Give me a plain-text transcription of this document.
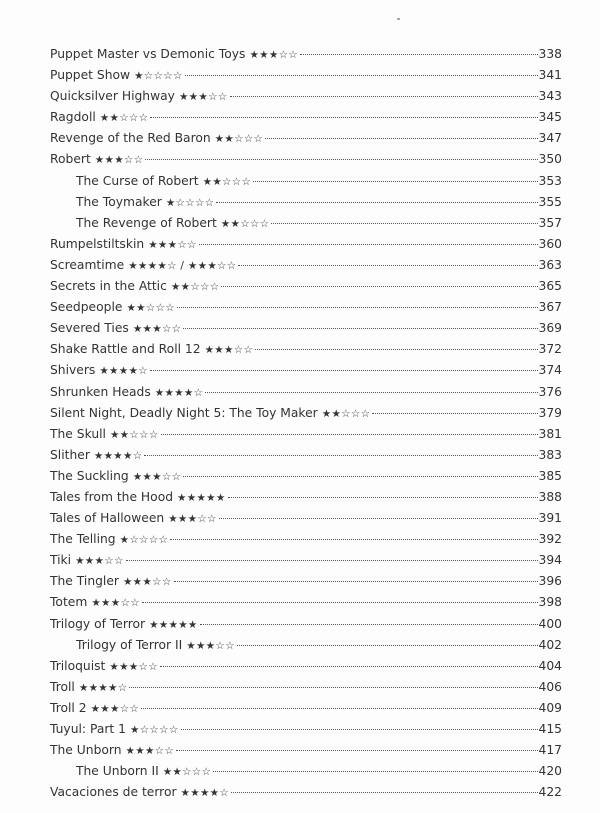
Puppet Master vs Demonic Toys ★★★☆☆	338
Puppet Show ★☆☆☆☆	341
Quicksilver Highway ★★★☆☆	343
Ragdoll ★★☆☆☆	345
Revenge of the Red Baron ★★☆☆☆	347
Robert ★★★☆☆	350
The Curse of Robert ★★☆☆☆	353
The Toymaker ★☆☆☆☆	355
The Revenge of Robert ★★☆☆☆	357
Rumpelstiltskin ★★★☆☆	360
Screamtime ★★★★☆ / ★★★☆☆	363
Secrets in the Attic ★★☆☆☆	365
Seedpeople ★★☆☆☆	367
Severed Ties ★★★☆☆	369
Shake Rattle and Roll 12 ★★★☆☆	372
Shivers ★★★★☆	374
Shrunken Heads ★★★★☆	376
Silent Night, Deadly Night 5: The Toy Maker ★★☆☆☆	379
The Skull ★★☆☆☆	381
Slither ★★★★☆	383
The Suckling ★★★☆☆	385
Tales from the Hood ★★★★★	388
Tales of Halloween ★★★☆☆	391
The Telling ★☆☆☆☆	392
Tiki ★★★☆☆	394
The Tingler ★★★☆☆	396
Totem ★★★☆☆	398
Trilogy of Terror ★★★★★	400
Trilogy of Terror II ★★★☆☆	402
Triloquist ★★★☆☆	404
Troll ★★★★☆	406
Troll 2 ★★★☆☆	409
Tuyul: Part 1 ★☆☆☆☆	415
The Unborn ★★★☆☆	417
The Unborn II ★★☆☆☆	420
Vacaciones de terror ★★★★☆	422
